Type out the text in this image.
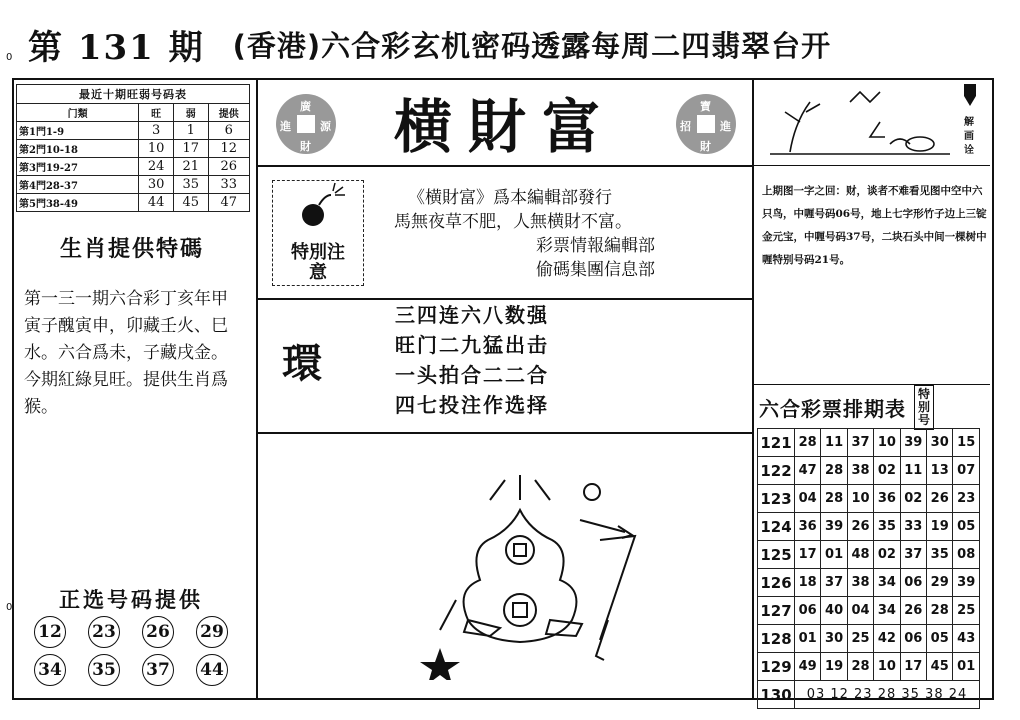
0
0
第 131 期 (香港)六合彩玄机密码透露每周二四翡翠台开
最近十期旺弱号码表
门類	旺	弱	提供
第1門1-9	3	1	6
第2門10-18	10	17	12
第3門19-27	24	21	26
第4門28-37	30	35	33
第5門38-49	44	45	47
生肖提供特碼
第一三一期六合彩丁亥年甲寅子醜寅申，卯藏壬火、巳水。六合爲未，子藏戌金。今期紅綠見旺。提供生肖爲猴。
正选号码提供
12 23 26 29
34 35 37 44
廣
進	源
財	横財富	寶
招	進
財
特別注意
《横財富》爲本編輯部發行
馬無夜草不肥，人無横財不富。
彩票情報編輯部
偷碼集團信息部
環
三四连六八数强
旺门二九猛出击
一头拍合二二合
四七投注作选择
解画诠
上期图一字之回：财，谈者不难看见图中空中六只鸟，中喱号码06号，地上七字形竹子边上三锭金元宝，中喱号码37号，二块石头中间一棵树中喱特别号码21号。
六合彩票排期表
特别号
121	28	11	37	10	39	30	15
122	47	28	38	02	11	13	07
123	04	28	10	36	02	26	23
124	36	39	26	35	33	19	05
125	17	01	48	02	37	35	08
126	18	37	38	34	06	29	39
127	06	40	04	34	26	28	25
128	01	30	25	42	06	05	43
129	49	19	28	10	17	45	01
130	03 12 23 28 35 38 24						
